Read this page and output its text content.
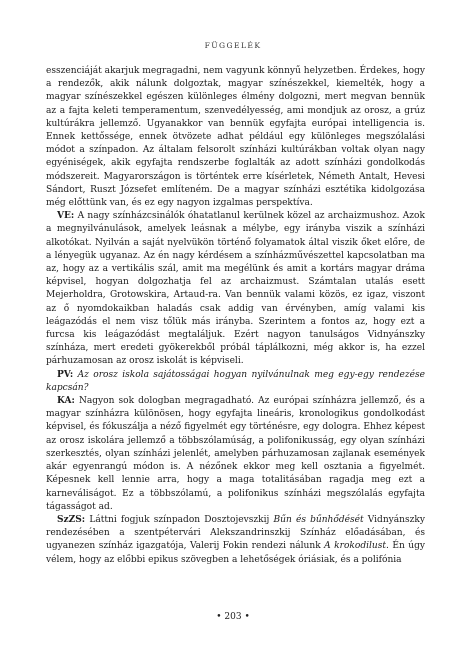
FÜGGELÉK

esszenciáját akarjuk megragadni, nem vagyunk könnyű helyzetben. Érdekes, hogy a rendezők, akik nálunk dolgoztak, magyar színészekkel, kiemelték, hogy a magyar színészekkel egészen különleges élmény dolgozni, mert megvan bennük az a fajta keleti temperamentum, szenvedélyesség, ami mondjuk az orosz, a grúz kultúrákra jellemző. Ugyanakkor van bennük egyfajta európai intelligencia is. Ennek kettőssége, ennek ötvözete adhat például egy különleges megszólalási módot a színpadon. Az általam felsorolt színházi kultúrákban voltak olyan nagy egyéniségek, akik egyfajta rendszerbe foglalták az adott színházi gondolkodás módszereit. Magyarországon is történtek erre kísérletek, Németh Antalt, Hevesi Sándort, Ruszt Józsefet említeném. De a magyar színházi esztétika kidolgozása még előttünk van, és ez egy nagyon izgalmas perspektíva.

VE: A nagy színházcsinálók óhatatlanul kerülnek közel az archaizmushoz. Azok a megnyilvánulások, amelyek leásnak a mélybe, egy irányba viszik a színházi alkotókat. Nyilván a saját nyelvükön történő folyamatok által viszik őket előre, de a lényegük ugyanaz. Az én nagy kérdésem a színházművészettel kapcsolatban ma az, hogy az a vertikális szál, amit ma megélünk és amit a kortárs magyar dráma képvisel, hogyan dolgozhatja fel az archaizmust. Számtalan utalás esett Mejerholdra, Grotowskira, Artaud-ra. Van bennük valami közös, ez igaz, viszont az ő nyomdokaikban haladás csak addig van érvényben, amíg valami kis leágazódás el nem visz tőlük más irányba. Szerintem a fontos az, hogy ezt a furcsa kis leágazódást megtaláljuk. Ezért nagyon tanulságos Vidnyánszky színháza, mert eredeti gyökerekből próbál táplálkozni, még akkor is, ha ezzel párhuzamosan az orosz iskolát is képviseli.

PV: Az orosz iskola sajátosságai hogyan nyilvánulnak meg egy-egy rendezése kapcsán?

KA: Nagyon sok dologban megragadható. Az európai színházra jellemző, és a magyar színházra különösen, hogy egyfajta lineáris, kronologikus gondolkodást képvisel, és fókuszálja a néző figyelmét egy történésre, egy dologra. Ehhez képest az orosz iskolára jellemző a többszólamúság, a polifonikusság, egy olyan színházi szerkesztés, olyan színházi jelenlét, amelyben párhuzamosan zajlanak események akár egyenrangú módon is. A nézőnek ekkor meg kell osztania a figyelmét. Képesnek kell lennie arra, hogy a maga totalitásában ragadja meg ezt a karneváliságot. Ez a többszólamú, a polifonikus színházi megszólalás egyfajta tágasságot ad.

SzZS: Láttni fogjuk színpadon Dosztojevszkij Bűn és bűnhődését Vidnyánszky rendezésében a szentpétervári Alekszandrinszkij Színház előadásában, és ugyanezen színház igazgatója, Valerij Fokin rendezi nálunk A krokodilust. Én úgy vélem, hogy az előbbi epikus szövegben a lehetőségek óriásiak, és a polifónia

• 203 •
